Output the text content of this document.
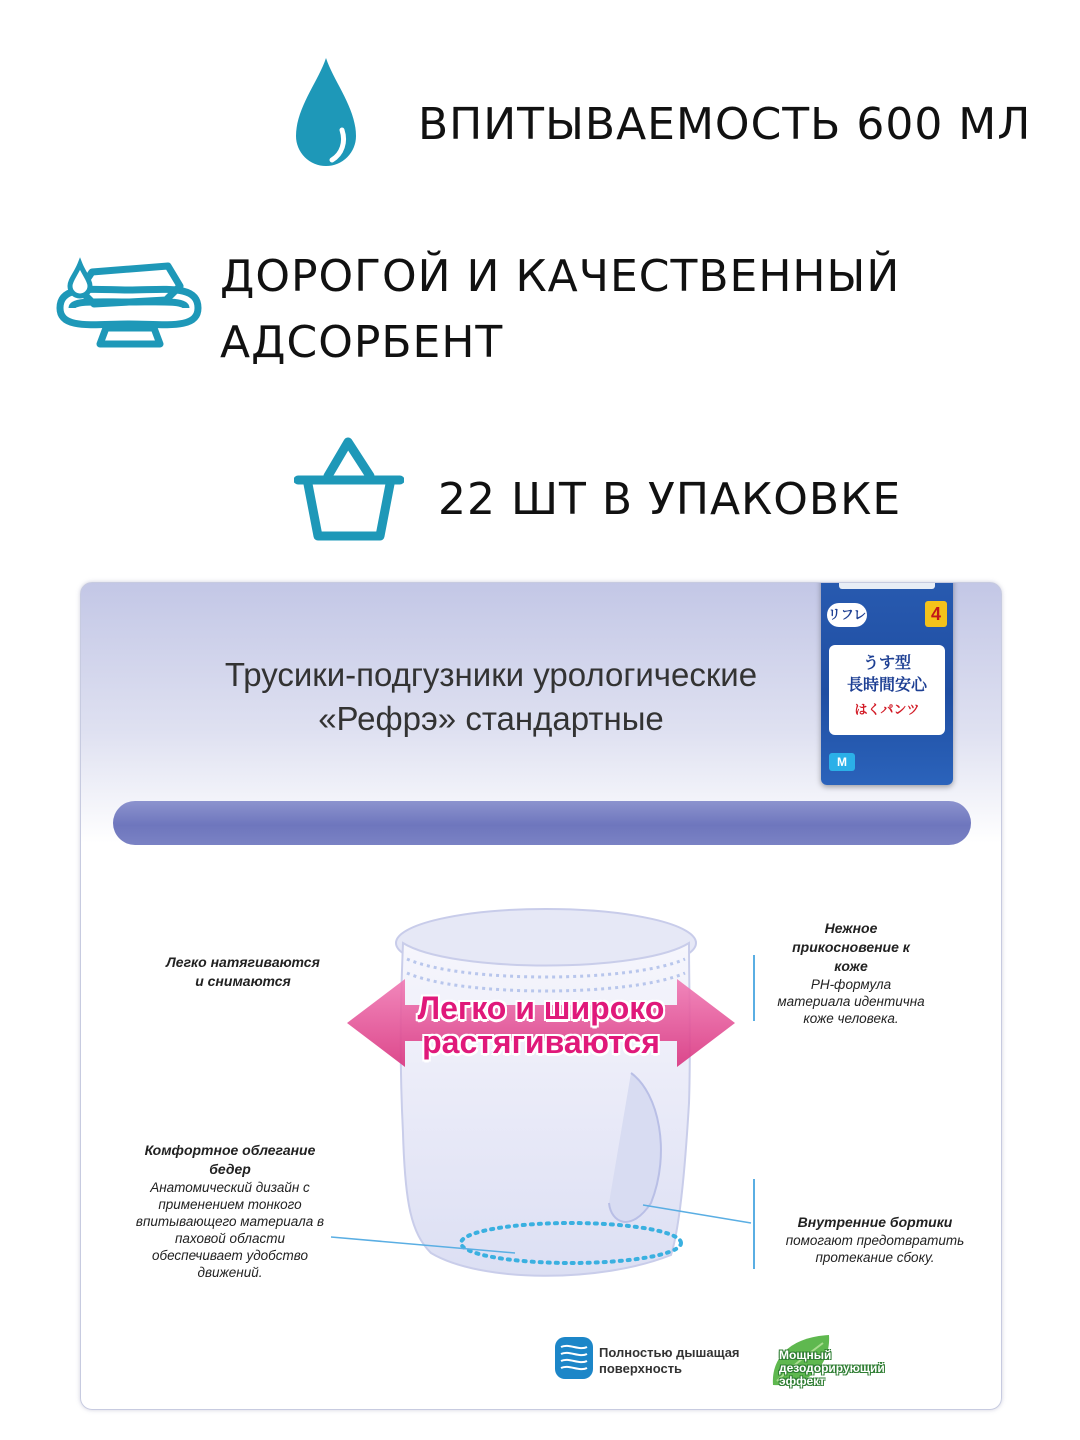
ВПИТЫВАЕМОСТЬ 600 МЛ
ДОРОГОЙ И КАЧЕСТВЕННЫЙ
АДСОРБЕНТ
22 ШТ В УПАКОВКЕ
Трусики-подгузники урологические
«Рефрэ» стандартные
Легко и широко
растягиваются
リフレ	4
うす型
長時間安心
はくパンツ
M
Легко натягиваются
и снимаются
Нежное
прикосновение к
коже
PH-формула
материала идентична
коже человека.
Комфортное облегание
бедер
Анатомический дизайн с
применением тонкого
впитывающего материала в
паховой области
обеспечивает удобство
движений.
Внутренние бортики
помогают предотвратить
протекание сбоку.
Полностью дышащая
поверхность
Мощный
дезодорирующий
эффект
